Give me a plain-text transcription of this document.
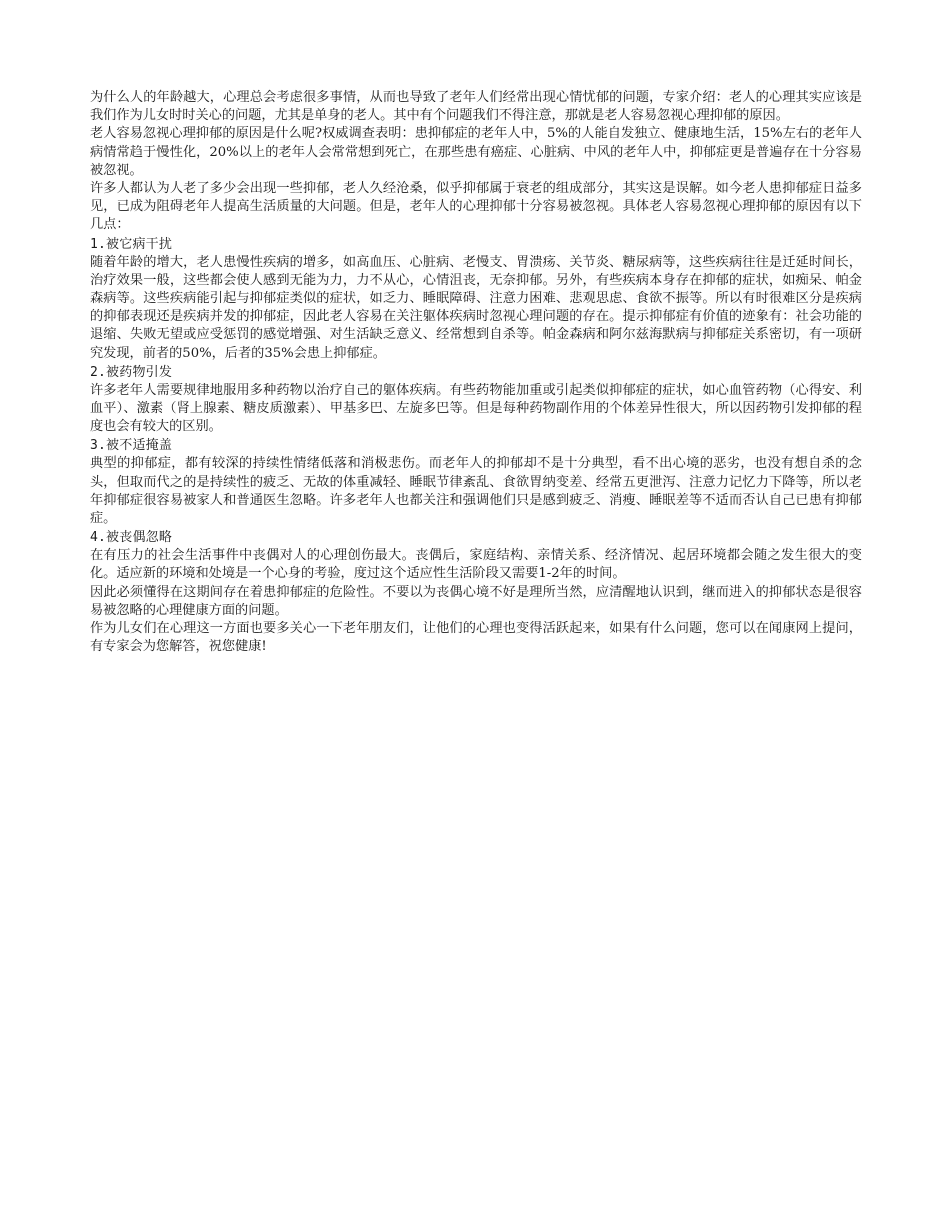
为什么人的年龄越大，心理总会考虑很多事情，从而也导致了老年人们经常出现心情忧郁的问题，专家介绍：老人的心理其实应该是我们作为儿女时时关心的问题，尤其是单身的老人。其中有个问题我们不得注意，那就是老人容易忽视心理抑郁的原因。

老人容易忽视心理抑郁的原因是什么呢?权威调查表明：患抑郁症的老年人中，5%的人能自发独立、健康地生活，15%左右的老年人病情常趋于慢性化，20%以上的老年人会常常想到死亡，在那些患有癌症、心脏病、中风的老年人中，抑郁症更是普遍存在十分容易被忽视。

许多人都认为人老了多少会出现一些抑郁，老人久经沧桑，似乎抑郁属于衰老的组成部分，其实这是误解。如今老人患抑郁症日益多见，已成为阻碍老年人提高生活质量的大问题。但是，老年人的心理抑郁十分容易被忽视。具体老人容易忽视心理抑郁的原因有以下几点：

1.被它病干扰

随着年龄的增大，老人患慢性疾病的增多，如高血压、心脏病、老慢支、胃溃疡、关节炎、糖尿病等，这些疾病往往是迁延时间长，治疗效果一般，这些都会使人感到无能为力，力不从心，心情沮丧，无奈抑郁。另外，有些疾病本身存在抑郁的症状，如痴呆、帕金森病等。这些疾病能引起与抑郁症类似的症状，如乏力、睡眠障碍、注意力困难、悲观思虑、食欲不振等。所以有时很难区分是疾病的抑郁表现还是疾病并发的抑郁症，因此老人容易在关注躯体疾病时忽视心理问题的存在。提示抑郁症有价值的迹象有：社会功能的退缩、失败无望或应受惩罚的感觉增强、对生活缺乏意义、经常想到自杀等。帕金森病和阿尔兹海默病与抑郁症关系密切，有一项研究发现，前者的50%，后者的35%会患上抑郁症。

2.被药物引发

许多老年人需要规律地服用多种药物以治疗自己的躯体疾病。有些药物能加重或引起类似抑郁症的症状，如心血管药物（心得安、利血平）、激素（肾上腺素、糖皮质激素）、甲基多巴、左旋多巴等。但是每种药物副作用的个体差异性很大，所以因药物引发抑郁的程度也会有较大的区别。

3.被不适掩盖

典型的抑郁症，都有较深的持续性情绪低落和消极悲伤。而老年人的抑郁却不是十分典型，看不出心境的恶劣，也没有想自杀的念头，但取而代之的是持续性的疲乏、无故的体重减轻、睡眠节律紊乱、食欲胃纳变差、经常五更泄泻、注意力记忆力下降等，所以老年抑郁症很容易被家人和普通医生忽略。许多老年人也都关注和强调他们只是感到疲乏、消瘦、睡眠差等不适而否认自己已患有抑郁症。

4.被丧偶忽略

在有压力的社会生活事件中丧偶对人的心理创伤最大。丧偶后，家庭结构、亲情关系、经济情况、起居环境都会随之发生很大的变化。适应新的环境和处境是一个心身的考验，度过这个适应性生活阶段又需要1-2年的时间。

因此必须懂得在这期间存在着患抑郁症的危险性。不要以为丧偶心境不好是理所当然，应清醒地认识到，继而进入的抑郁状态是很容易被忽略的心理健康方面的问题。

作为儿女们在心理这一方面也要多关心一下老年朋友们，让他们的心理也变得活跃起来，如果有什么问题，您可以在闻康网上提问，有专家会为您解答，祝您健康!
